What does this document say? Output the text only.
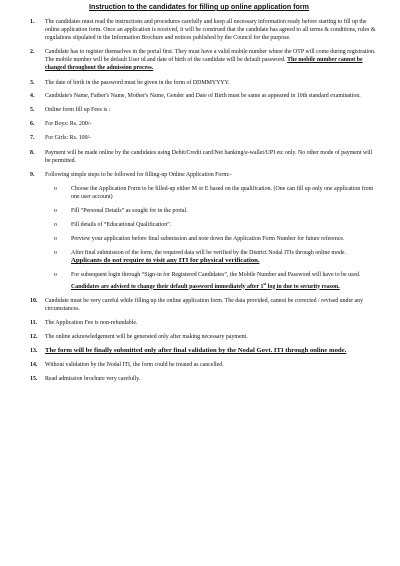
Instruction to the candidates for filling up online application form
1. The candidates must read the instructions and procedures carefully and keep all necessary information ready before starting to fill up the online application form. Once an application is received, it will be construed that the candidate has agreed to all terms & conditions, rules & regulations stipulated in the Information Brochure and notices published by the Council for the purpose.
2. Candidate has to register themselves in the portal first. They must have a valid mobile number where the OTP will come during registration. The mobile number will be default User id and date of birth of the candidate will be default password. The mobile number cannot be changed throughout the admission process.
3. The date of birth in the password must be given in the form of DDMMYYYY.
4. Candidate's Name, Father's Name, Mother's Name, Gender and Date of Birth must be same as appeared in 10th standard examination.
5. Online form fill up Fees is :
6. For Boys: Rs. 200/-
7. For Girls: Rs. 100/-
8. Payment will be made online by the candidates using Debit/Credit card/Net banking/e-wallet/UPI etc only. No other mode of payment will be permitted.
9. Following simple steps to be followed for filling-up Online Application Form:-
o Choose the Application Form to be filled-up either M or E based on the qualification. (One can fill up only one application from one user account)
o Fill “Personal Details” as sought for in the portal.
o Fill details of “Educational Qualification”.
o Preview your application before final submission and note down the Application Form Number for future reference.
o After final submission of the form, the required data will be verified by the District Nodal ITIs through online mode. Applicants do not require to visit any ITI for physical verification.
o For subsequent login through “Sign-in for Registered Candidates”, the Mobile Number and Password will have to be used. Candidates are advised to change their default password immediately after 1st log in due to security reason.
10. Candidate must be very careful while filling up the online application form. The data provided, cannot be corrected / revised under any circumstances.
11. The Application Fee is non-refundable.
12. The online acknowledgement will be generated only after making necessary payment.
13. The form will be finally submitted only after final validation by the Nodal Govt. ITI through online mode.
14. Without validation by the Nodal ITI, the form could be treated as cancelled.
15. Read admission brochure very carefully.
